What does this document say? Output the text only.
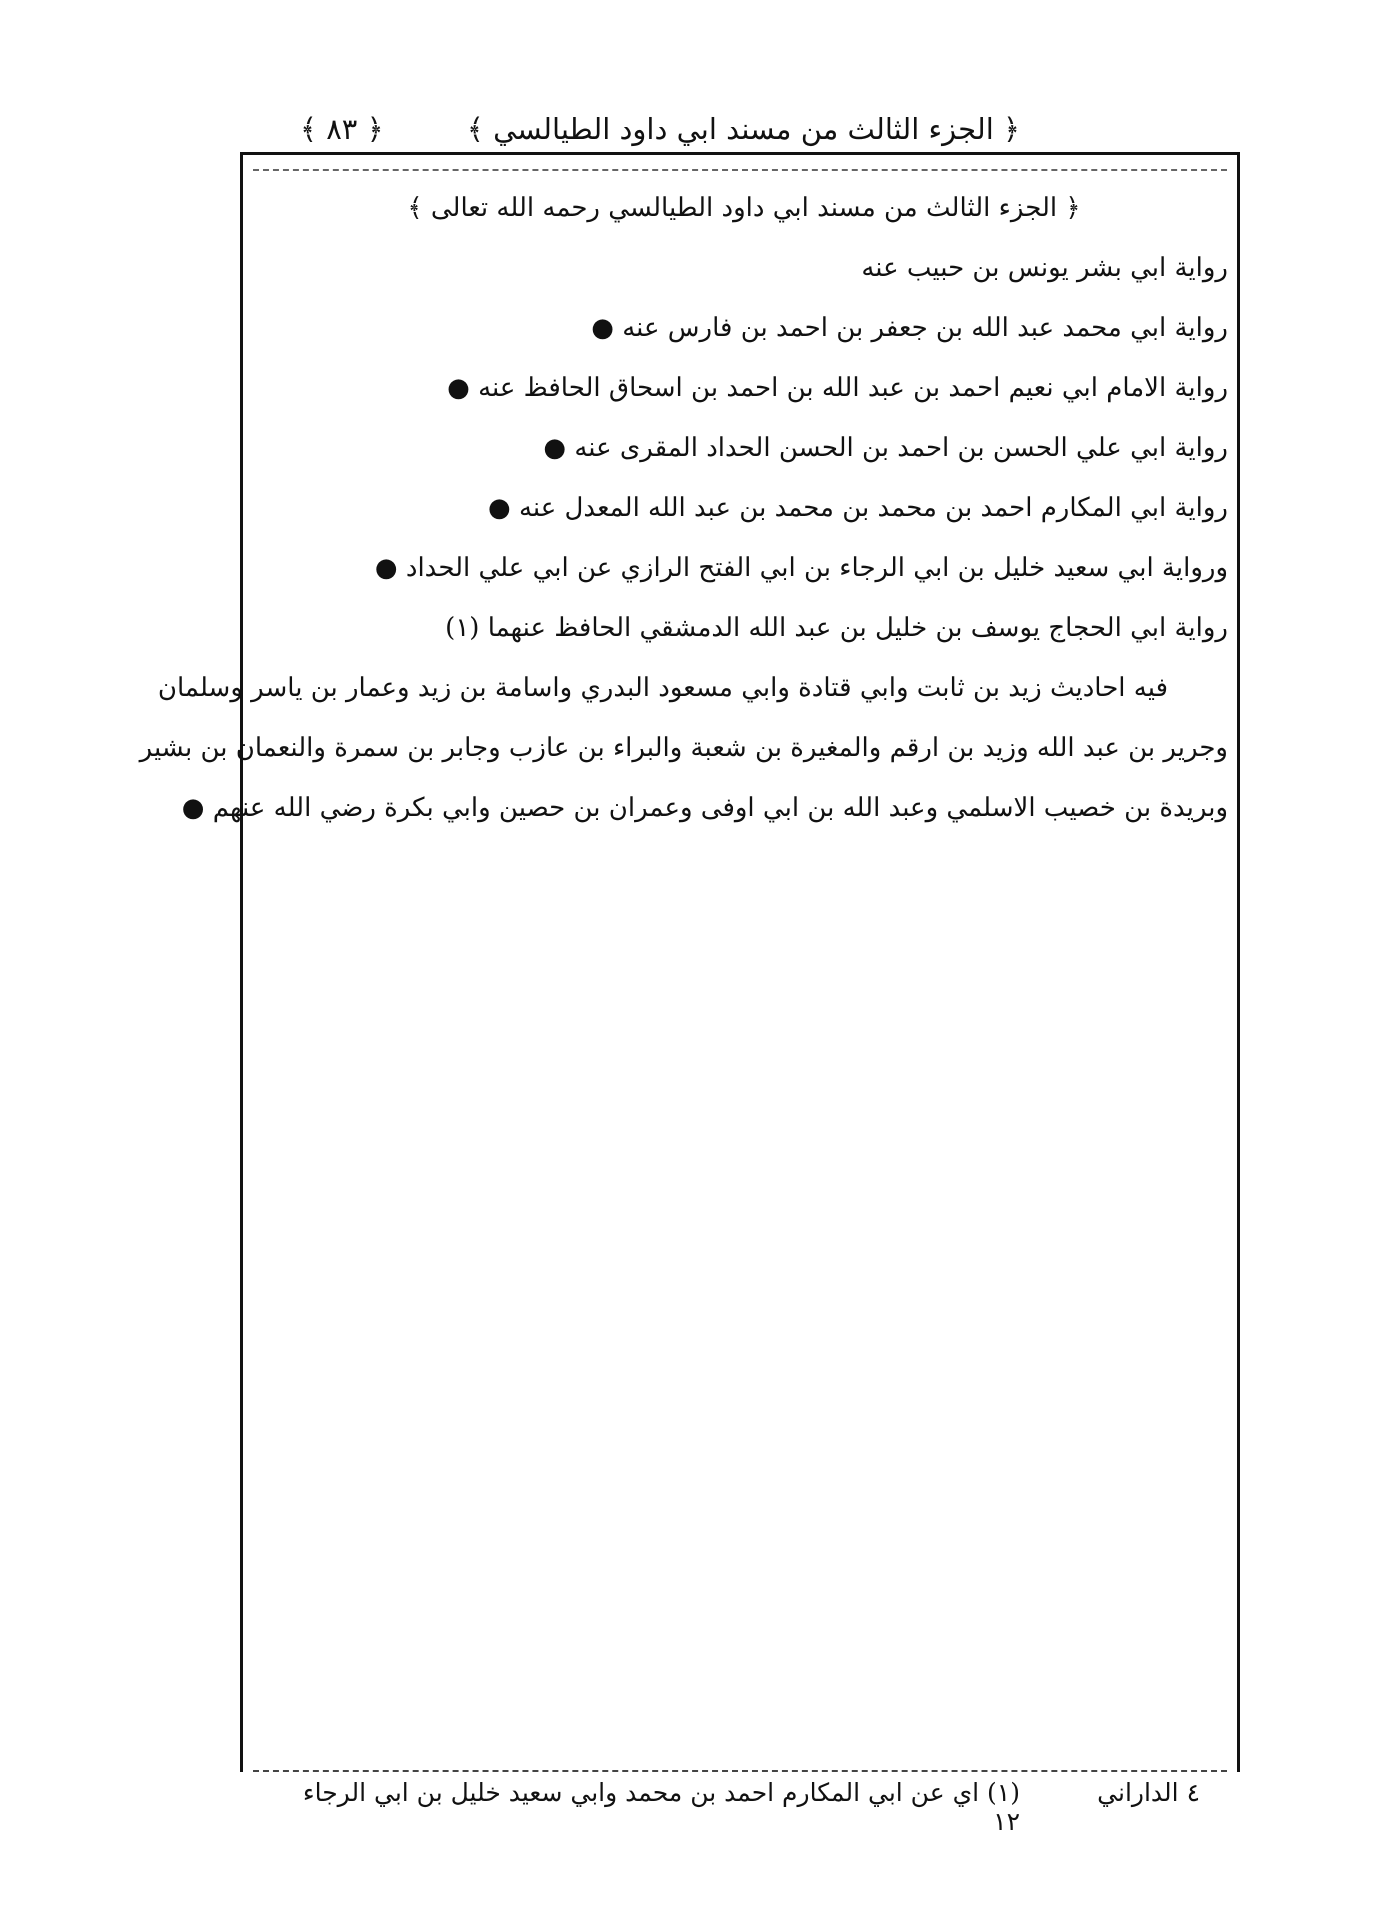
﴿ الجزء الثالث من مسند ابي داود الطيالسي ﴾
﴿ ٨٣ ﴾
﴿ الجزء الثالث من مسند ابي داود الطيالسي رحمه الله تعالى ﴾
رواية ابي بشر يونس بن حبيب عنه
رواية ابي محمد عبد الله بن جعفر بن احمد بن فارس عنه ●
رواية الامام ابي نعيم احمد بن عبد الله بن احمد بن اسحاق الحافظ عنه ●
رواية ابي علي الحسن بن احمد بن الحسن الحداد المقرى عنه ●
رواية ابي المكارم احمد بن محمد بن محمد بن عبد الله المعدل عنه ●
ورواية ابي سعيد خليل بن ابي الرجاء بن ابي الفتح الرازي عن ابي علي الحداد ●
رواية ابي الحجاج يوسف بن خليل بن عبد الله الدمشقي الحافظ عنهما (١)
فيه احاديث زيد بن ثابت وابي قتادة وابي مسعود البدري واسامة بن زيد وعمار بن ياسر وسلمان
وجرير بن عبد الله وزيد بن ارقم والمغيرة بن شعبة والبراء بن عازب وجابر بن سمرة والنعمان بن بشير
وبريدة بن خصيب الاسلمي وعبد الله بن ابي اوفى وعمران بن حصين وابي بكرة رضي الله عنهم ●
٤ الداراني
(١) اي عن ابي المكارم احمد بن محمد وابي سعيد خليل بن ابي الرجاء ١٢
